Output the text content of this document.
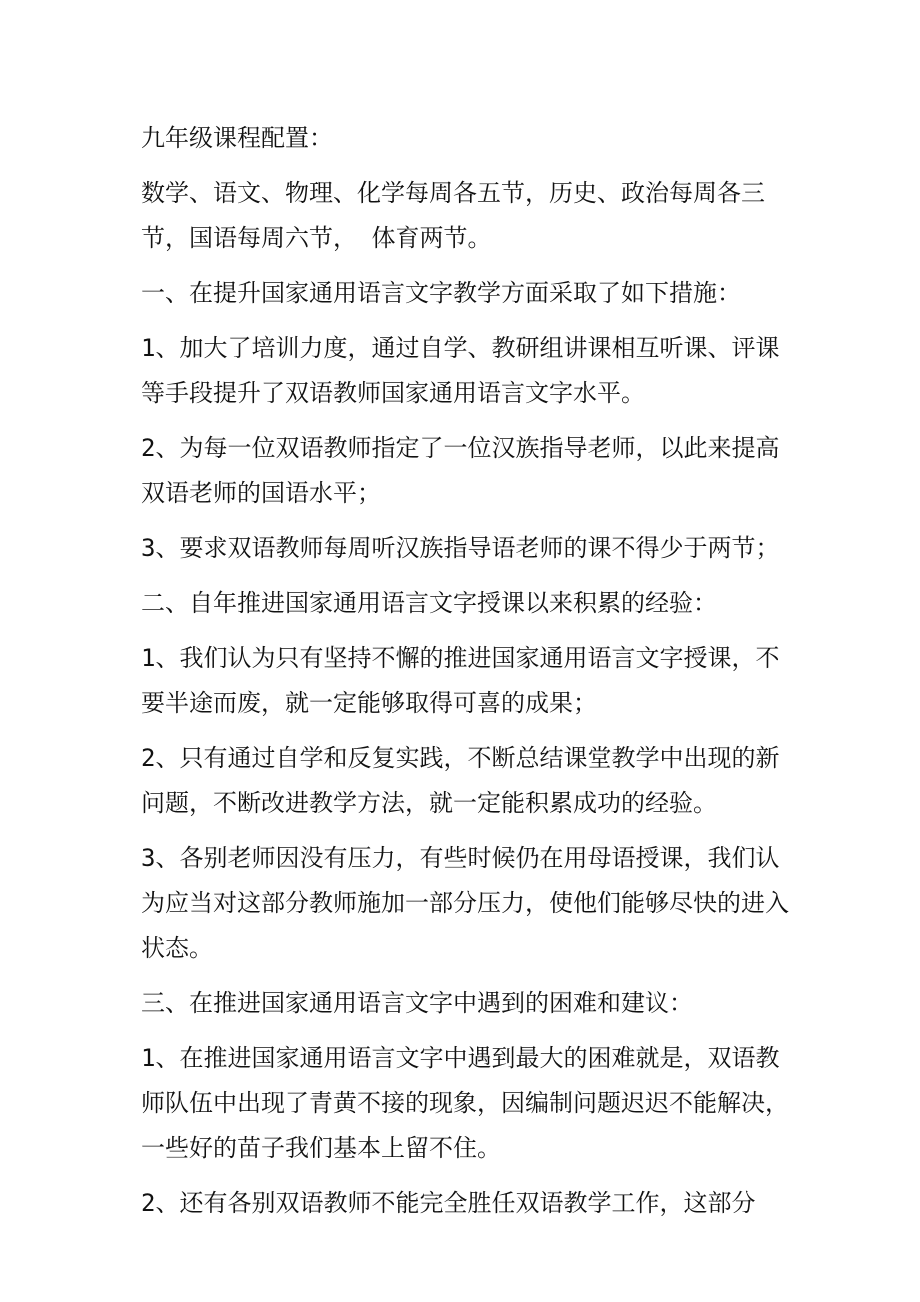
九年级课程配置：

数学、语文、物理、化学每周各五节，历史、政治每周各三节，国语每周六节， 体育两节。

一、在提升国家通用语言文字教学方面采取了如下措施：

1、加大了培训力度，通过自学、教研组讲课相互听课、评课等手段提升了双语教师国家通用语言文字水平。

2、为每一位双语教师指定了一位汉族指导老师，以此来提高双语老师的国语水平；

3、要求双语教师每周听汉族指导语老师的课不得少于两节；

二、自年推进国家通用语言文字授课以来积累的经验：

1、我们认为只有坚持不懈的推进国家通用语言文字授课，不要半途而废，就一定能够取得可喜的成果；

2、只有通过自学和反复实践，不断总结课堂教学中出现的新问题，不断改进教学方法，就一定能积累成功的经验。

3、各别老师因没有压力，有些时候仍在用母语授课，我们认为应当对这部分教师施加一部分压力，使他们能够尽快的进入状态。

三、在推进国家通用语言文字中遇到的困难和建议：

1、在推进国家通用语言文字中遇到最大的困难就是，双语教师队伍中出现了青黄不接的现象，因编制问题迟迟不能解决，一些好的苗子我们基本上留不住。

2、还有各别双语教师不能完全胜任双语教学工作，这部分
